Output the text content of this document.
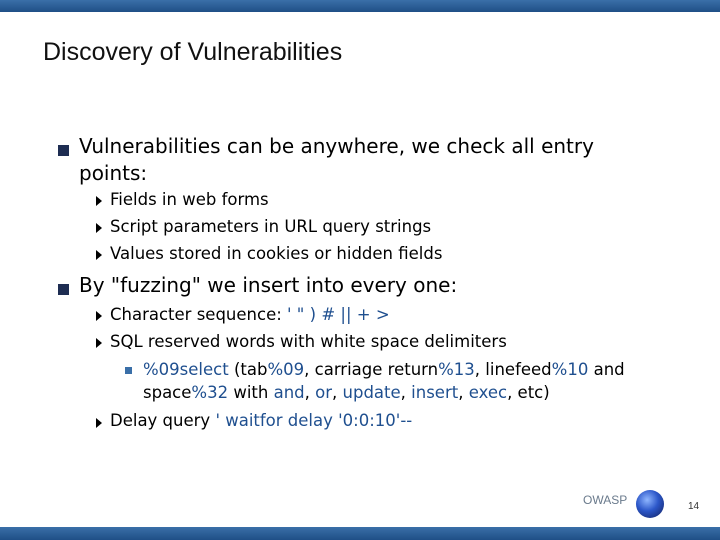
Discovery of Vulnerabilities
Vulnerabilities can be anywhere, we check all entry
points:
Fields in web forms
Script parameters in URL query strings
Values stored in cookies or hidden fields
By "fuzzing" we insert into every one:
Character sequence: ' " ) # || + >
SQL reserved words with white space delimiters
%09select (tab%09, carriage return%13, linefeed%10 and
space%32 with and, or, update, insert, exec, etc)
Delay query ' waitfor delay '0:0:10'--
OWASP	14
